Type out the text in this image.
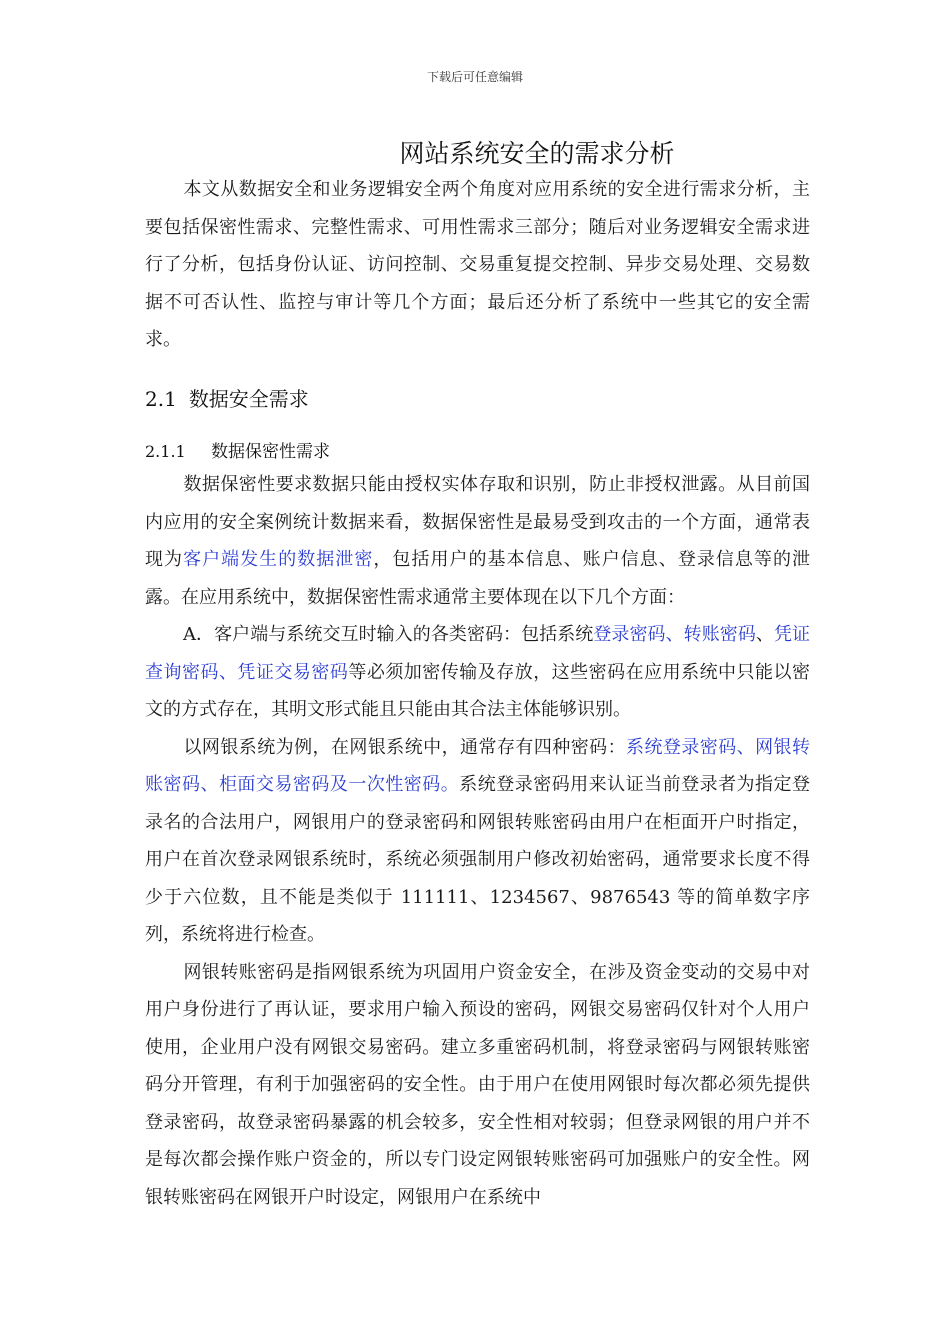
下载后可任意编辑
网站系统安全的需求分析

本文从数据安全和业务逻辑安全两个角度对应用系统的安全进行需求分析，主要包括保密性需求、完整性需求、可用性需求三部分；随后对业务逻辑安全需求进行了分析，包括身份认证、访问控制、交易重复提交控制、异步交易处理、交易数据不可否认性、监控与审计等几个方面；最后还分析了系统中一些其它的安全需求。

2.1 数据安全需求
2.1.1 数据保密性需求

数据保密性要求数据只能由授权实体存取和识别，防止非授权泄露。从目前国内应用的安全案例统计数据来看，数据保密性是最易受到攻击的一个方面，通常表现为客户端发生的数据泄密，包括用户的基本信息、账户信息、登录信息等的泄露。在应用系统中，数据保密性需求通常主要体现在以下几个方面：

A．客户端与系统交互时输入的各类密码：包括系统登录密码、转账密码、凭证查询密码、凭证交易密码等必须加密传输及存放，这些密码在应用系统中只能以密文的方式存在，其明文形式能且只能由其合法主体能够识别。

以网银系统为例，在网银系统中，通常存有四种密码：系统登录密码、网银转账密码、柜面交易密码及一次性密码。系统登录密码用来认证当前登录者为指定登录名的合法用户，网银用户的登录密码和网银转账密码由用户在柜面开户时指定，用户在首次登录网银系统时，系统必须强制用户修改初始密码，通常要求长度不得少于六位数，且不能是类似于 111111、1234567、9876543 等的简单数字序列，系统将进行检查。

网银转账密码是指网银系统为巩固用户资金安全，在涉及资金变动的交易中对用户身份进行了再认证，要求用户输入预设的密码，网银交易密码仅针对个人用户使用，企业用户没有网银交易密码。建立多重密码机制，将登录密码与网银转账密码分开管理，有利于加强密码的安全性。由于用户在使用网银时每次都必须先提供登录密码，故登录密码暴露的机会较多，安全性相对较弱；但登录网银的用户并不是每次都会操作账户资金的，所以专门设定网银转账密码可加强账户的安全性。网银转账密码在网银开户时设定，网银用户在系统中
